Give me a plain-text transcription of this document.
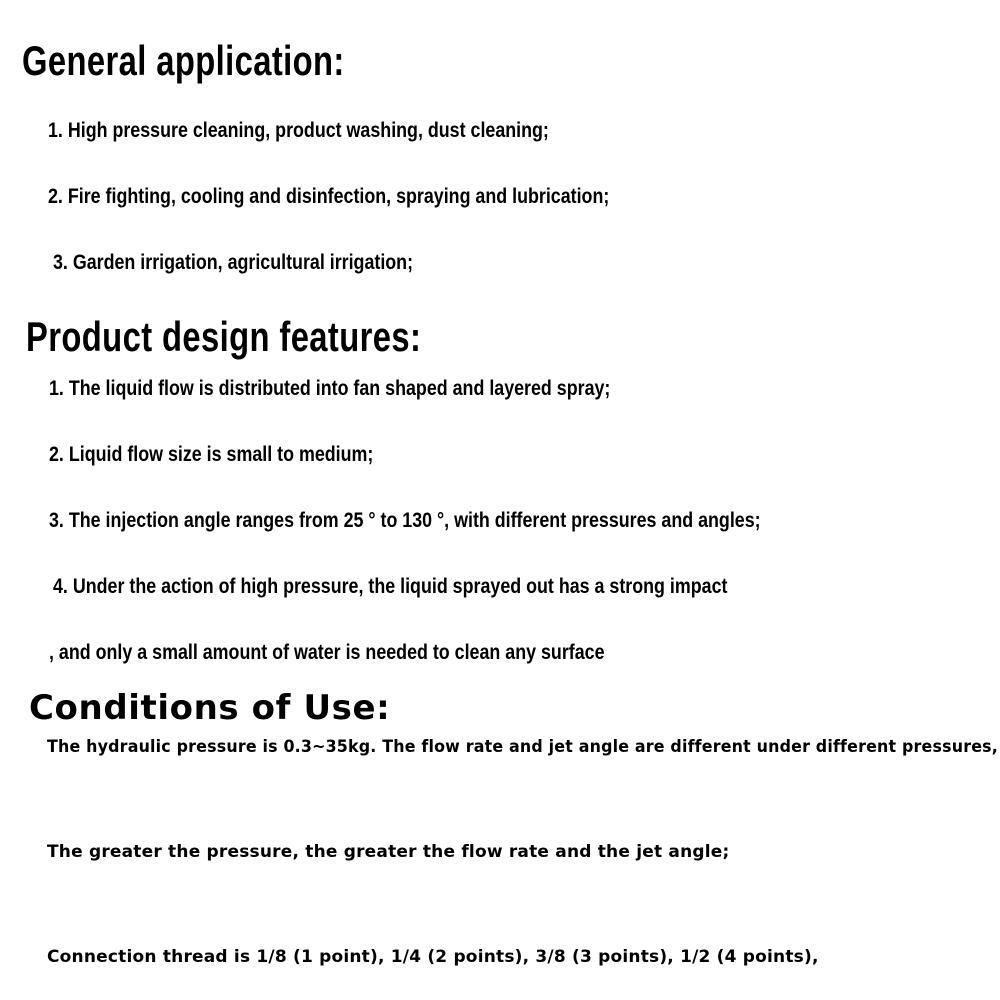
General application:

1. High pressure cleaning, product washing, dust cleaning;

2. Fire fighting, cooling and disinfection, spraying and lubrication;

3. Garden irrigation, agricultural irrigation;

Product design features:

1. The liquid flow is distributed into fan shaped and layered spray;

2. Liquid flow size is small to medium;

3. The injection angle ranges from 25 ° to 130 °, with different pressures and angles;

4. Under the action of high pressure, the liquid sprayed out has a strong impact

, and only a small amount of water is needed to clean any surface

Conditions of Use:

The hydraulic pressure is 0.3~35kg. The flow rate and jet angle are different under different pressures,

The greater the pressure, the greater the flow rate and the jet angle;

Connection thread is 1/8 (1 point), 1/4 (2 points), 3/8 (3 points), 1/2 (4 points),
